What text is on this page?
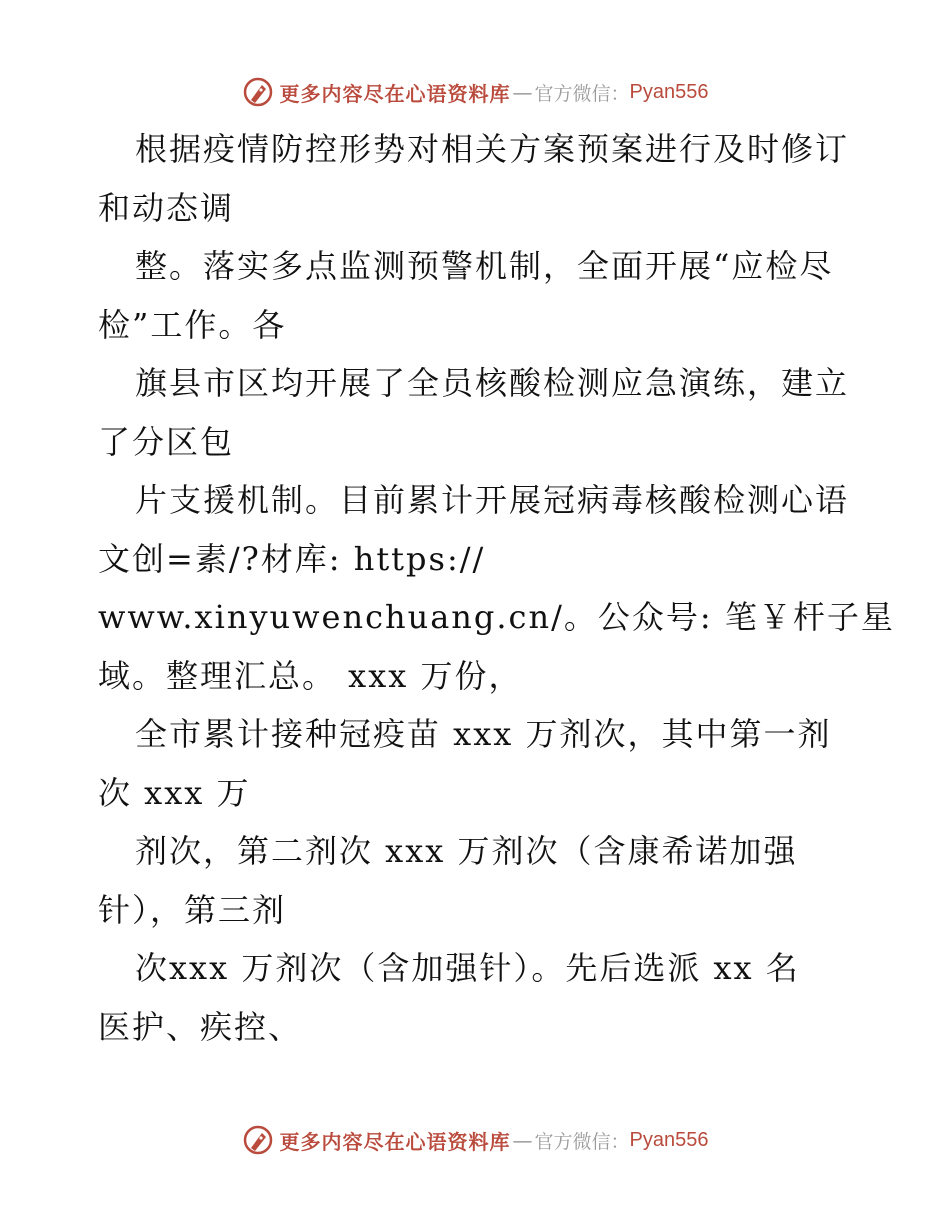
更多内容尽在心语资料库 — 官方微信： Pyan556
根据疫情防控形势对相关方案预案进行及时修订
和动态调
整。落实多点监测预警机制，全面开展“应检尽
检”工作。各
旗县市区均开展了全员核酸检测应急演练，建立
了分区包
片支援机制。目前累计开展冠病毒核酸检测心语
文创=素/?材库: https://
www.xinyuwenchuang.cn/。公众号: 笔￥杆子星
域。整理汇总。 xxx 万份，
全市累计接种冠疫苗 xxx 万剂次，其中第一剂
次 xxx 万
剂次，第二剂次 xxx 万剂次（含康希诺加强
针），第三剂
次xxx 万剂次（含加强针）。先后选派 xx 名
医护、疾控、
更多内容尽在心语资料库 — 官方微信： Pyan556
